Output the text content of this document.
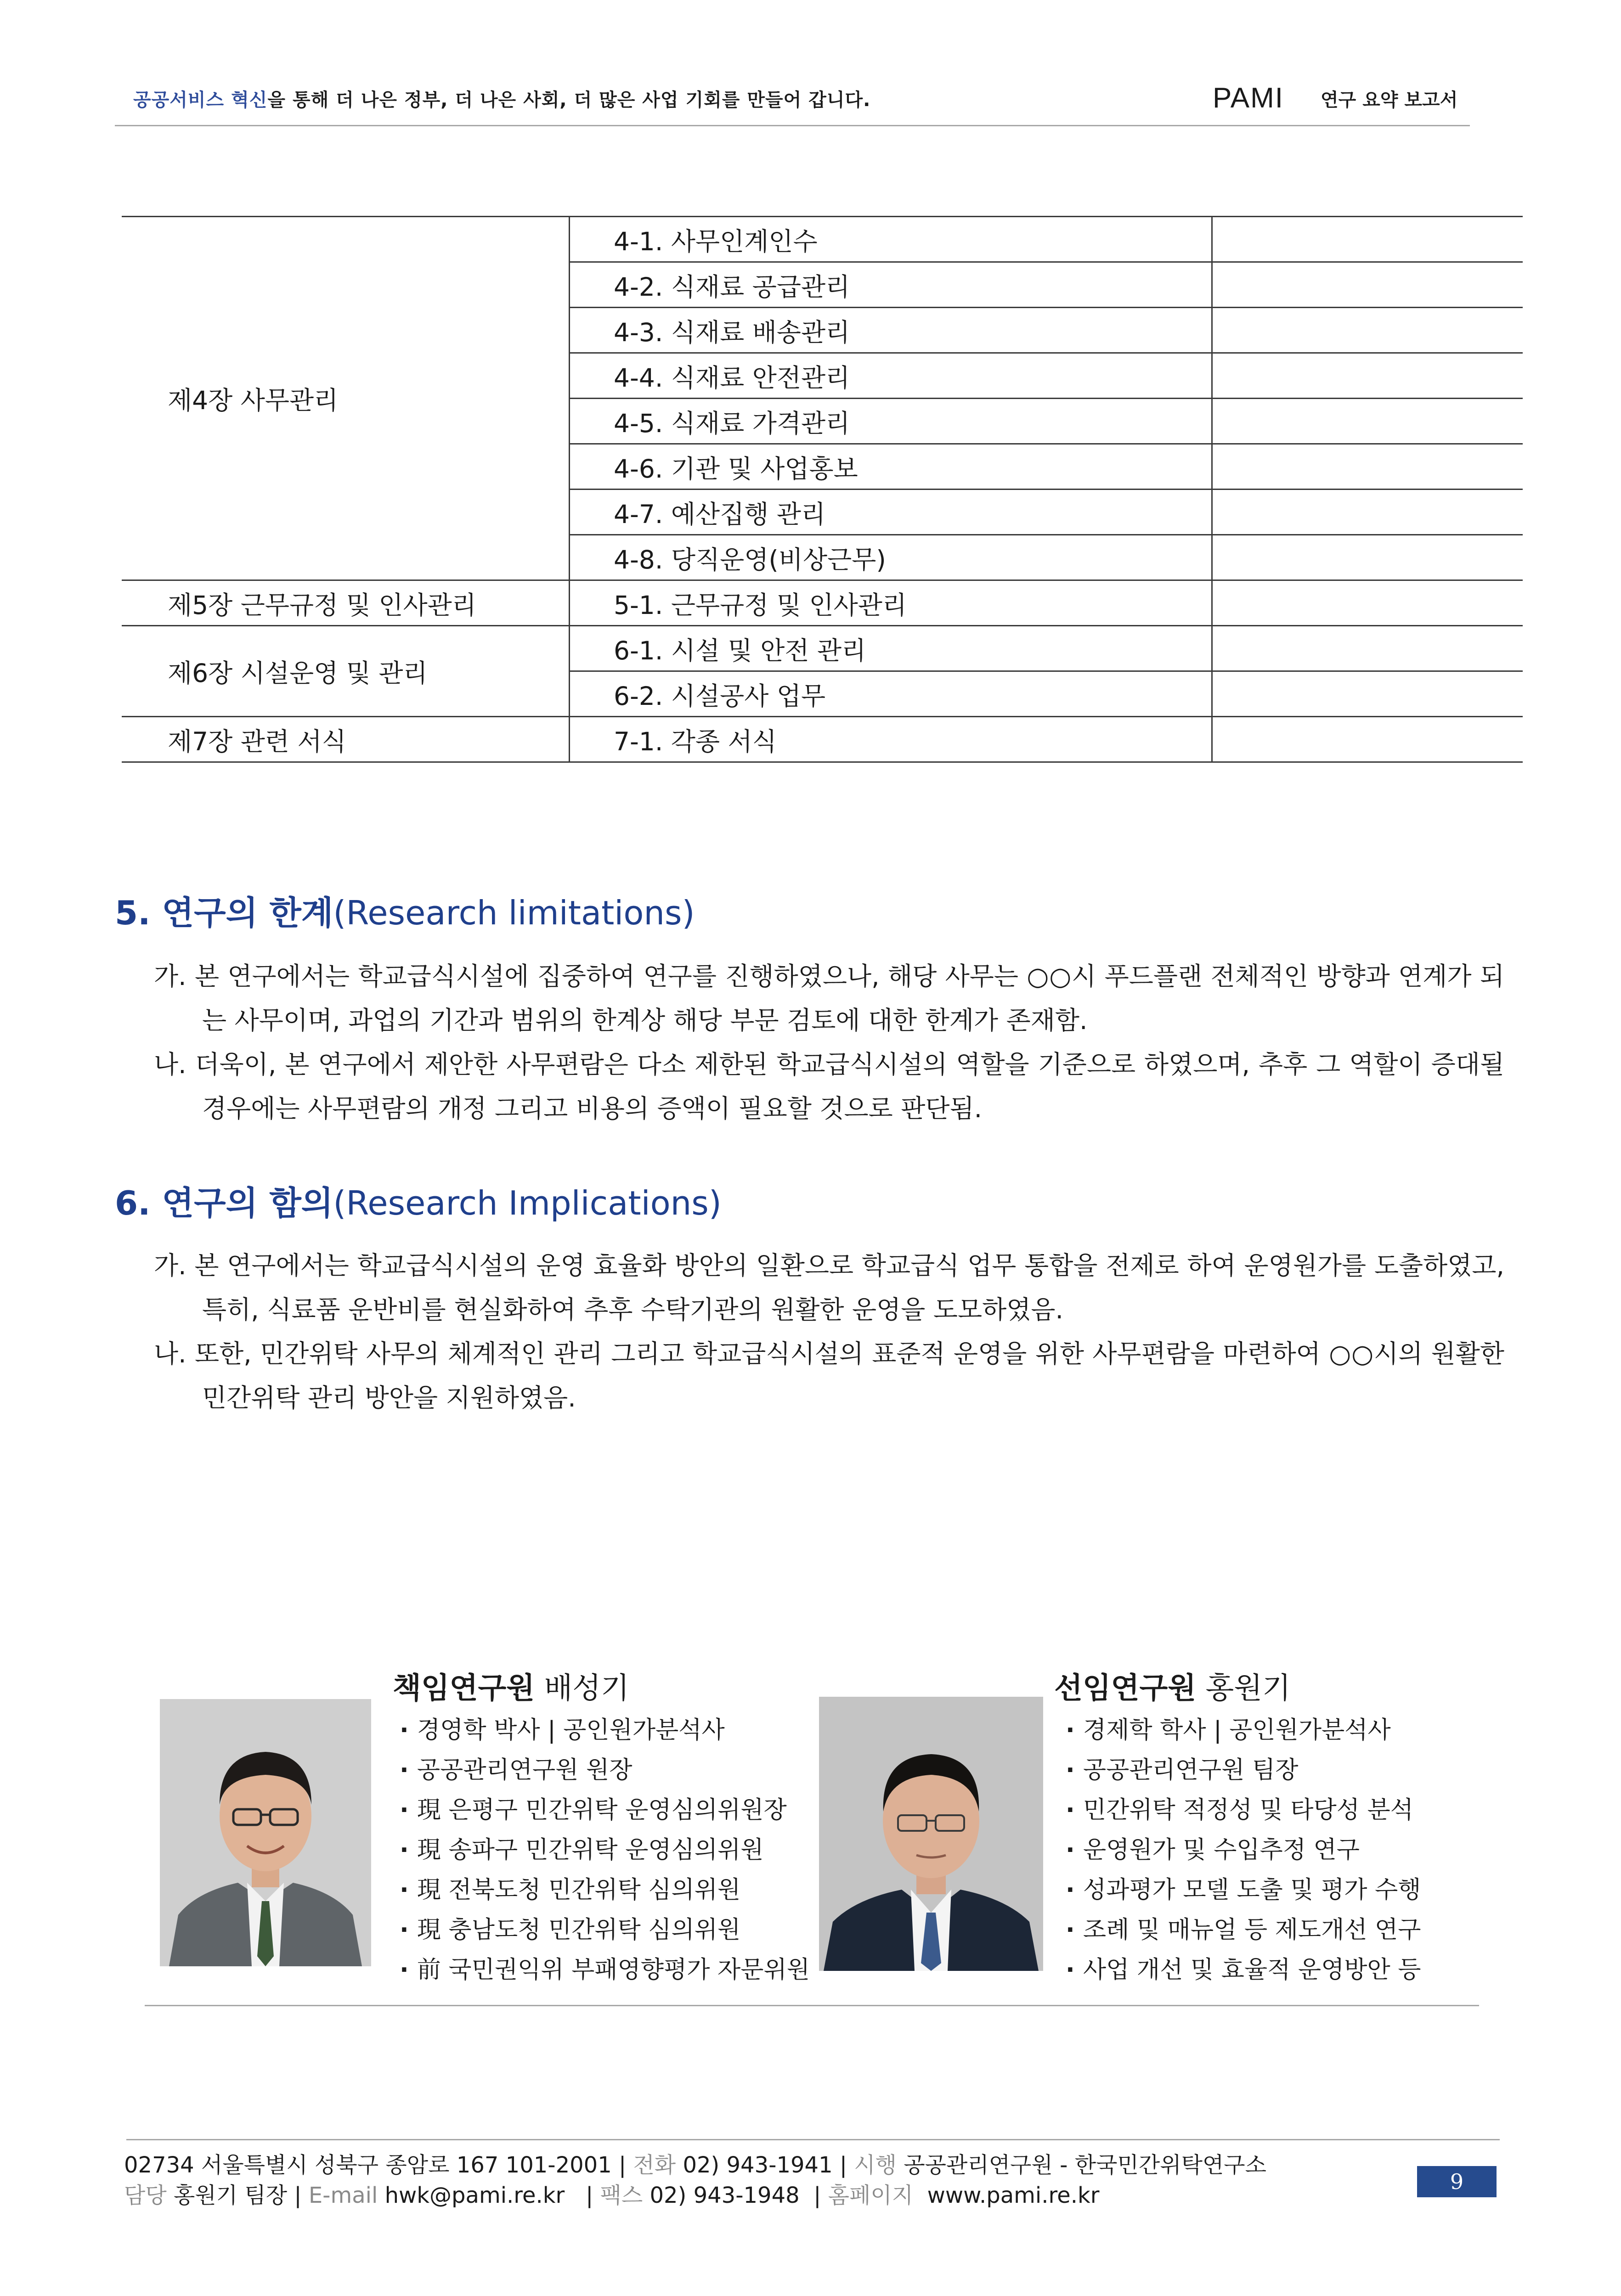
공공서비스 혁신을 통해 더 나은 정부, 더 나은 사회, 더 많은 사업 기회를 만들어 갑니다.	PAMI 연구 요약 보고서
제4장 사무관리	4-1. 사무인계인수	
	4-2. 식재료 공급관리	
	4-3. 식재료 배송관리	
	4-4. 식재료 안전관리	
	4-5. 식재료 가격관리	
	4-6. 기관 및 사업홍보	
	4-7. 예산집행 관리	
	4-8. 당직운영(비상근무)	
제5장 근무규정 및 인사관리	5-1. 근무규정 및 인사관리	
제6장 시설운영 및 관리	6-1. 시설 및 안전 관리	
	6-2. 시설공사 업무	
제7장 관련 서식	7-1. 각종 서식	
5. 연구의 한계(Research limitations)
가. 본 연구에서는 학교급식시설에 집중하여 연구를 진행하였으나, 해당 사무는 ○○시 푸드플랜 전체적인 방향과 연계가 되는 사무이며, 과업의 기간과 범위의 한계상 해당 부문 검토에 대한 한계가 존재함.
나. 더욱이, 본 연구에서 제안한 사무편람은 다소 제한된 학교급식시설의 역할을 기준으로 하였으며, 추후 그 역할이 증대될 경우에는 사무편람의 개정 그리고 비용의 증액이 필요할 것으로 판단됨.
6. 연구의 함의(Research Implications)
가. 본 연구에서는 학교급식시설의 운영 효율화 방안의 일환으로 학교급식 업무 통합을 전제로 하여 운영원가를 도출하였고, 특히, 식료품 운반비를 현실화하여 추후 수탁기관의 원활한 운영을 도모하였음.
나. 또한, 민간위탁 사무의 체계적인 관리 그리고 학교급식시설의 표준적 운영을 위한 사무편람을 마련하여 ○○시의 원활한 민간위탁 관리 방안을 지원하였음.
책임연구원 배성기
· 경영학 박사 | 공인원가분석사
· 공공관리연구원 원장
· 現 은평구 민간위탁 운영심의위원장
· 現 송파구 민간위탁 운영심의위원
· 現 전북도청 민간위탁 심의위원
· 現 충남도청 민간위탁 심의위원
· 前 국민권익위 부패영향평가 자문위원
선임연구원 홍원기
· 경제학 학사 | 공인원가분석사
· 공공관리연구원 팀장
· 민간위탁 적정성 및 타당성 분석
· 운영원가 및 수입추정 연구
· 성과평가 모델 도출 및 평가 수행
· 조례 및 매뉴얼 등 제도개선 연구
· 사업 개선 및 효율적 운영방안 등
02734 서울특별시 성북구 종암로 167 101-2001 | 전화 02) 943-1941 | 시행 공공관리연구원 - 한국민간위탁연구소
담당 홍원기 팀장 | E-mail hwk@pami.re.kr   | 팩스 02) 943-1948  | 홈페이지 www.pami.re.kr
9
